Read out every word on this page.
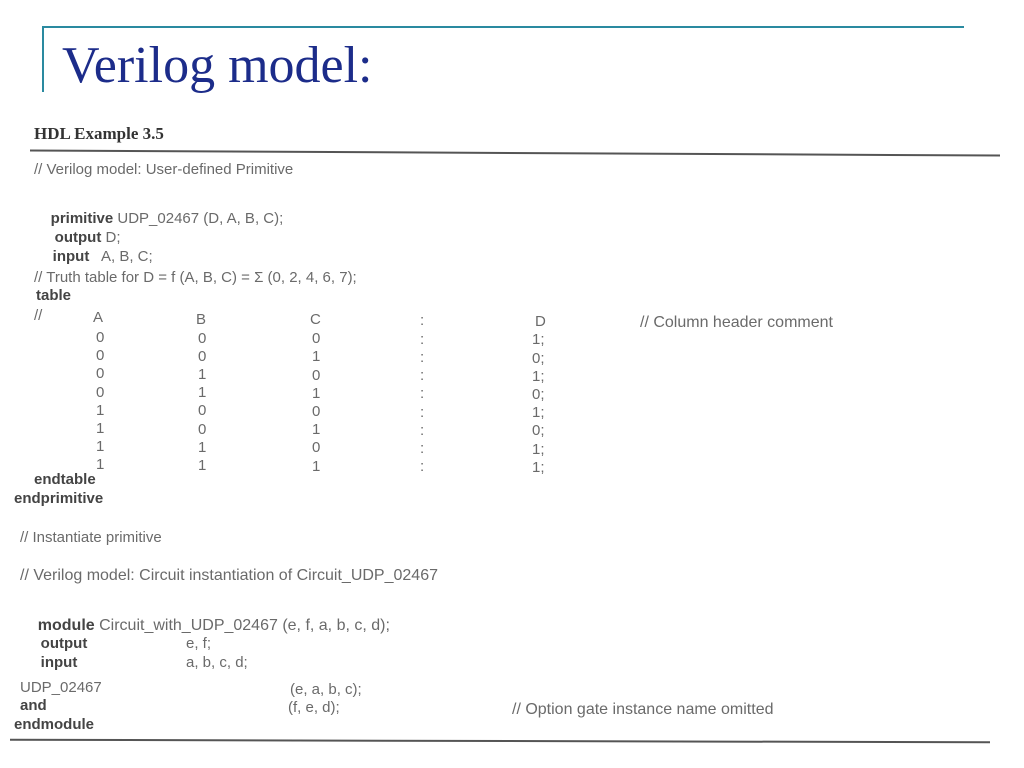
Verilog model:
HDL Example 3.5
// Verilog model: User-defined Primitive

primitive UDP_02467 (D, A, B, C);

output D;

input   A, B, C;

// Truth table for D = f (A, B, C) = Σ (0, 2, 4, 6, 7);
table
//	A	B	C	:	D	// Column header comment
0	0	0	:	1;
0	0	1	:	0;
0	1	0	:	1;
0	1	1	:	0;
1	0	0	:	1;
1	0	1	:	0;
1	1	0	:	1;
1	1	1	:	1;
endtable
endprimitive
// Instantiate primitive
// Verilog model: Circuit instantiation of Circuit_UDP_02467

module Circuit_with_UDP_02467 (e, f, a, b, c, d);

output	e, f;

input	a, b, c, d;

UDP_02467	(e, a, b, c);
and	(f, e, d);	// Option gate instance name omitted
endmodule
